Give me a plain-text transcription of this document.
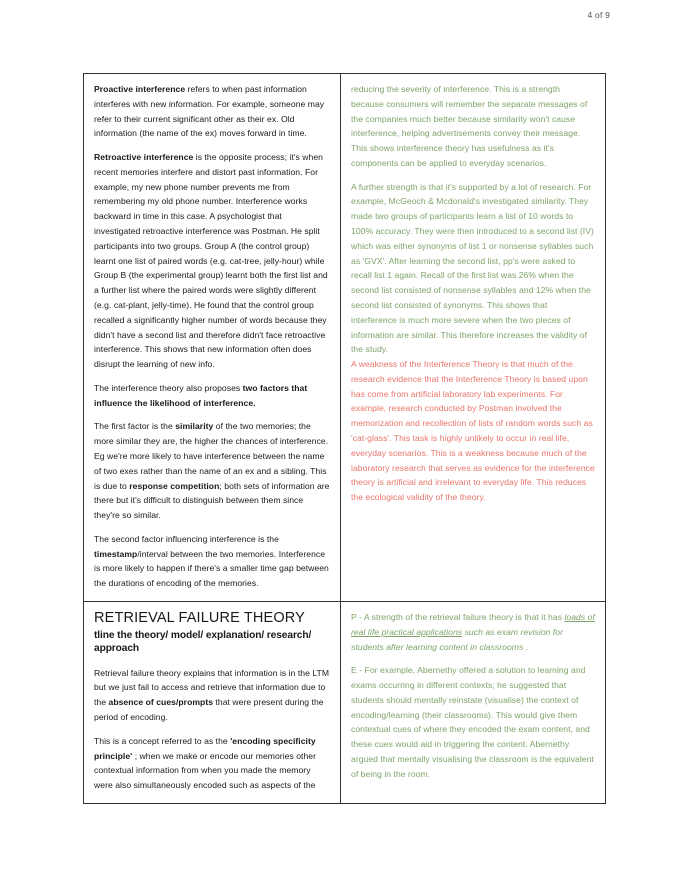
4 of 9

Proactive interference refers to when past information interferes with new information. For example, someone may refer to their current significant other as their ex. Old information (the name of the ex) moves forward in time.

Retroactive interference is the opposite process; it's when recent memories interfere and distort past information. For example, my new phone number prevents me from remembering my old phone number. Interference works backward in time in this case. A psychologist that investigated retroactive interference was Postman. He split participants into two groups. Group A (the control group) learnt one list of paired words (e.g. cat-tree, jelly-hour) while Group B (the experimental group) learnt both the first list and a further list where the paired words were slightly different (e.g. cat-plant, jelly-time). He found that the control group recalled a significantly higher number of words because they didn't have a second list and therefore didn't face retroactive interference. This shows that new information often does disrupt the learning of new info.

The interference theory also proposes two factors that influence the likelihood of interference.

The first factor is the similarity of the two memories; the more similar they are, the higher the chances of interference. Eg we're more likely to have interference between the name of two exes rather than the name of an ex and a sibling. This is due to response competition; both sets of information are there but it's difficult to distinguish between them since they're so similar.

The second factor influencing interference is the timestamp/interval between the two memories. Interference is more likely to happen if there's a smaller time gap between the durations of encoding of the memories.

reducing the severity of interference. This is a strength because consumers will remember the separate messages of the companies much better because similarity won't cause interference, helping advertisements convey their message. This shows interference theory has usefulness as it's components can be applied to everyday scenarios.

A further strength is that it's supported by a lot of research. For example, McGeoch & Mcdonald's investigated similarity. They made two groups of participants learn a list of 10 words to 100% accuracy. They were then introduced to a second list (IV) which was either synonyms of list 1 or nonsense syllables such as 'GVX'. After learning the second list, pp's were asked to recall list 1 again. Recall of the first list was 26% when the second list consisted of nonsense syllables and 12% when the second list consisted of synonyms. This shows that interference is much more severe when the two pieces of information are similar. This therefore increases the validity of the study.

A weakness of the Interference Theory is that much of the research evidence that the Interference Theory is based upon has come from artificial laboratory lab experiments. For example, research conducted by Postman involved the memorization and recollection of lists of random words such as 'cat-glass'. This task is highly unlikely to occur in real life, everyday scenarios. This is a weakness because much of the laboratory research that serves as evidence for the interference theory is artificial and irrelevant to everyday life. This reduces the ecological validity of the theory.

RETRIEVAL FAILURE THEORY
tline the theory/ model/ explanation/ research/ approach

Retrieval failure theory explains that information is in the LTM but we just fail to access and retrieve that information due to the absence of cues/prompts that were present during the period of encoding.

This is a concept referred to as the 'encoding specificity principle' ; when we make or encode our memories other contextual information from when you made the memory were also simultaneously encoded such as aspects of the

P - A strength of the retrieval failure theory is that it has loads of real life practical applications such as exam revision for students after learning content in classrooms .

E - For example, Abernethy offered a solution to learning and exams occurring in different contexts; he suggested that students should mentally reinstate (visualise) the context of encoding/learning (their classrooms). This would give them contextual cues of where they encoded the exam content, and these cues would aid in triggering the content. Abernethy argued that mentally visualising the classroom is the equivalent of being in the room.
